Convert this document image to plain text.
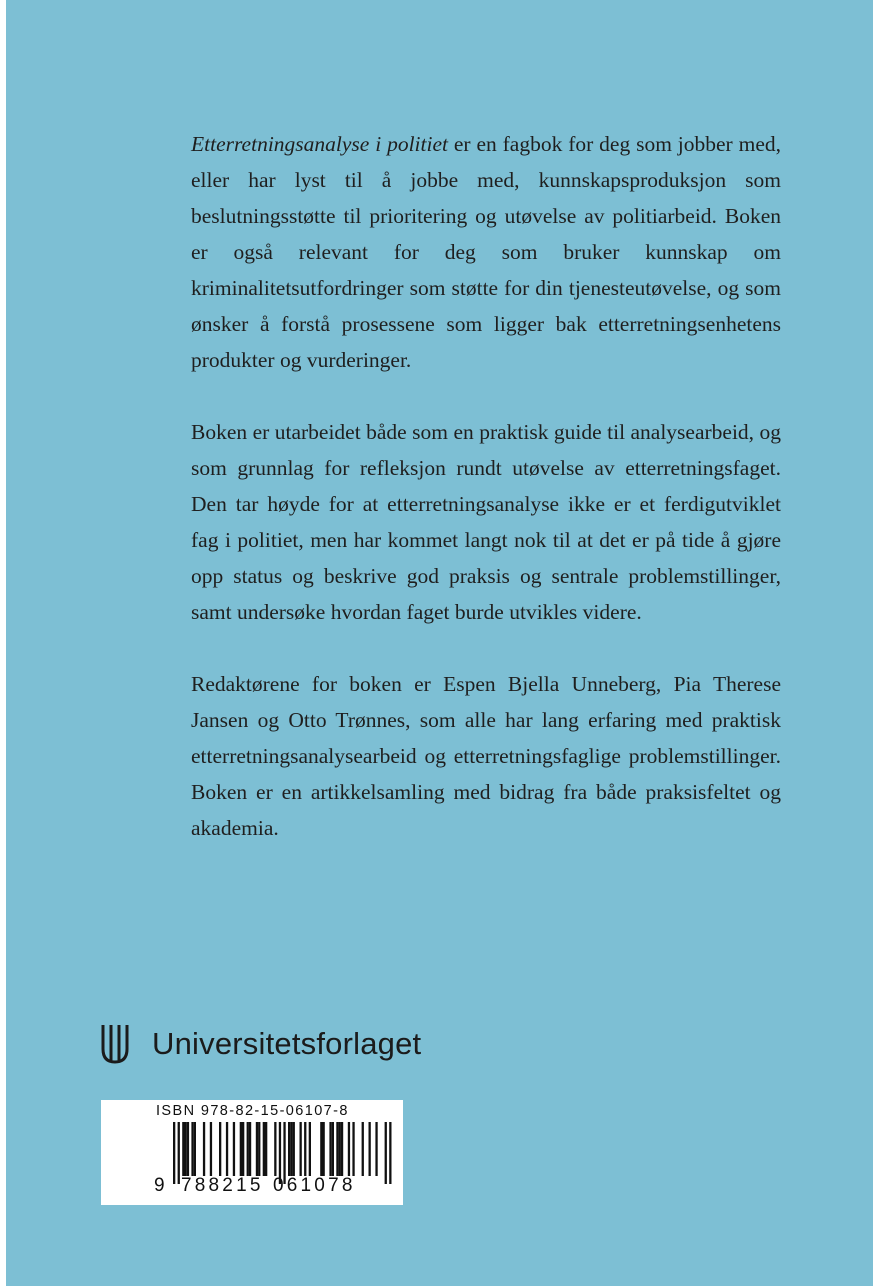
Etterretningsanalyse i politiet er en fagbok for deg som jobber med, eller har lyst til å jobbe med, kunnskapsproduksjon som beslutningsstøtte til prioritering og utøvelse av politiarbeid. Boken er også relevant for deg som bruker kunnskap om kriminalitetsutfordringer som støtte for din tjenesteutøvelse, og som ønsker å forstå prosessene som ligger bak etterretningsenhetens produkter og vurderinger.

Boken er utarbeidet både som en praktisk guide til analysearbeid, og som grunnlag for refleksjon rundt utøvelse av etterretningsfaget. Den tar høyde for at etterretningsanalyse ikke er et ferdigutviklet fag i politiet, men har kommet langt nok til at det er på tide å gjøre opp status og beskrive god praksis og sentrale problemstillinger, samt undersøke hvordan faget burde utvikles videre.

Redaktørene for boken er Espen Bjella Unneberg, Pia Therese Jansen og Otto Trønnes, som alle har lang erfaring med praktisk etterretningsanalysearbeid og etterretningsfaglige problemstillinger. Boken er en artikkelsamling med bidrag fra både praksisfeltet og akademia.

Universitetsforlaget
ISBN 978-82-15-06107-8
9 788215 061078
